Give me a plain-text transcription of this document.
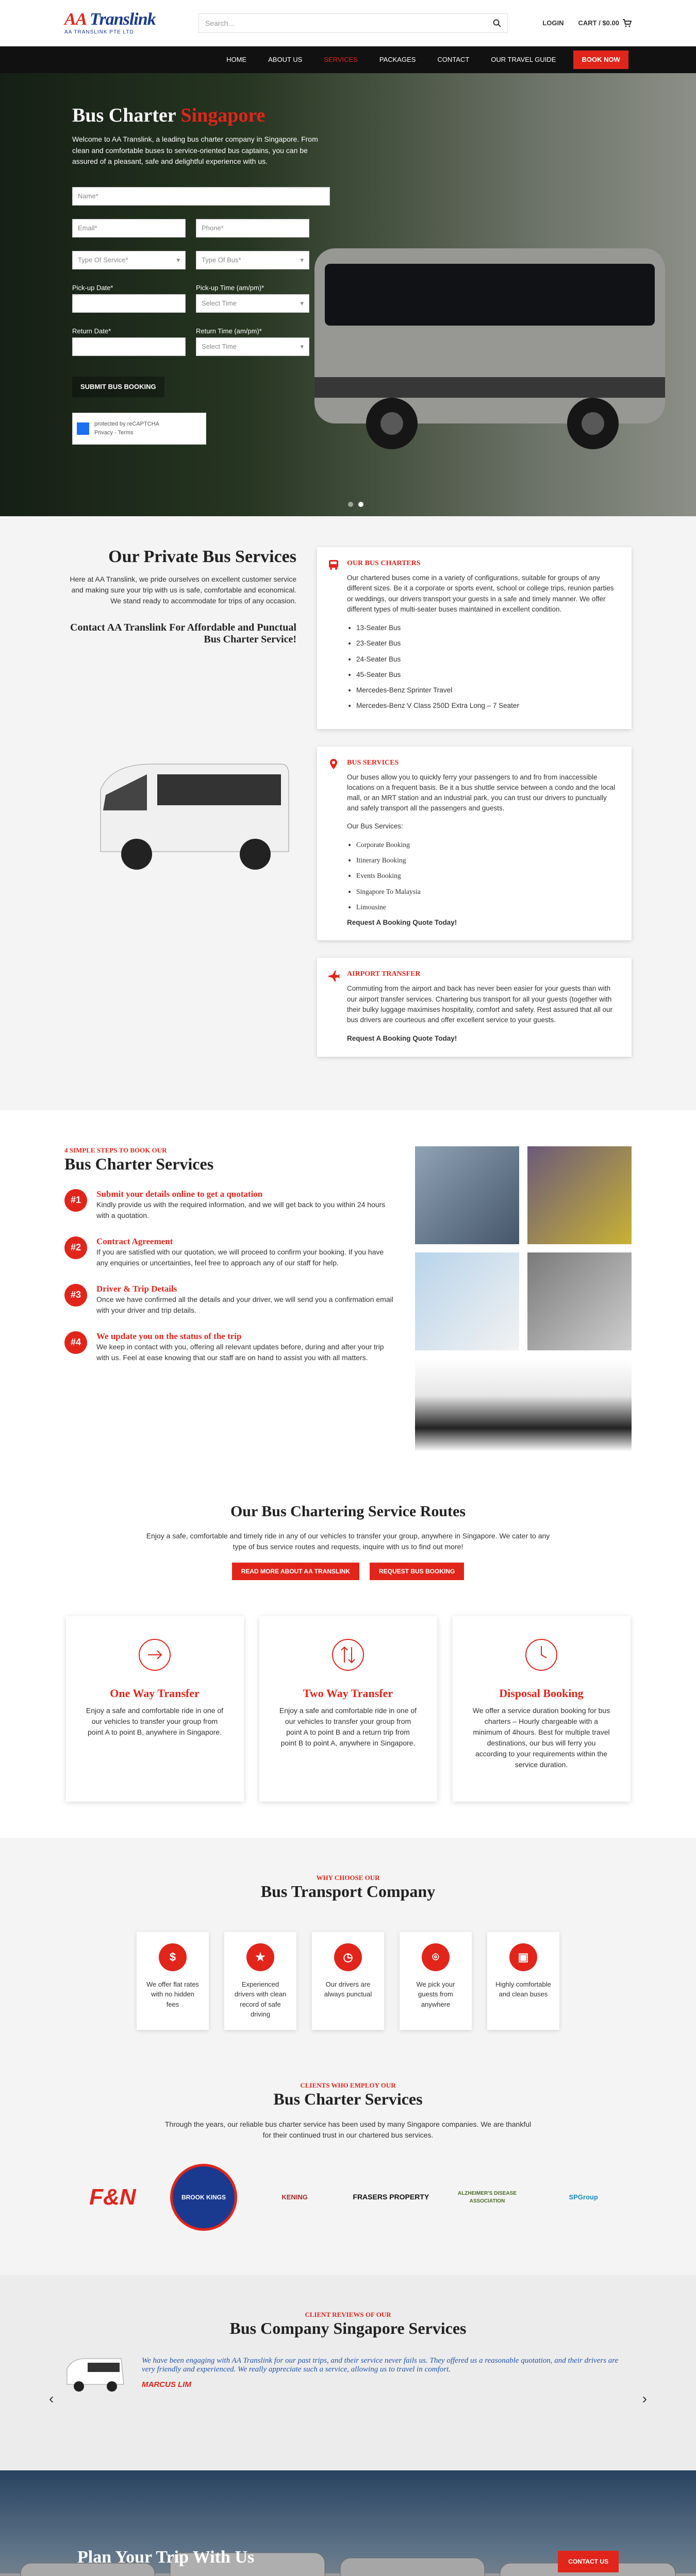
AA Translink
AA TRANSLINK PTE LTD
Search...	LOGIN CART / $0.00
HOME	ABOUT US	SERVICES	PACKAGES	CONTACT	OUR TRAVEL GUIDE	BOOK NOW
Bus Charter Singapore

Welcome to AA Translink, a leading bus charter company in Singapore. From clean and comfortable buses to service-oriented bus captains, you can be assured of a pleasant, safe and delightful experience with us.

Name*
Email*	Phone*
Type Of Service*	▾	Type Of Bus*	▾
Pick-up Date*	Pick-up Time (am/pm)*
Select Time	▾
Return Date*	Return Time (am/pm)*
Select Time	▾
SUBMIT BUS BOOKING
protected by reCAPTCHA
Privacy - Terms
Our Private Bus Services

Here at AA Translink, we pride ourselves on excellent customer service and making sure your trip with us is safe, comfortable and economical. We stand ready to accommodate for trips of any occasion.

Contact AA Translink For Affordable and Punctual Bus Charter Service!
OUR BUS CHARTERS

Our chartered buses come in a variety of configurations, suitable for groups of any different sizes. Be it a corporate or sports event, school or college trips, reunion parties or weddings, our drivers transport your guests in a safe and timely manner. We offer different types of multi-seater buses maintained in excellent condition.

• 13-Seater Bus
• 23-Seater Bus
• 24-Seater Bus
• 45-Seater Bus
• Mercedes-Benz Sprinter Travel
• Mercedes-Benz V Class 250D Extra Long – 7 Seater
BUS SERVICES

Our buses allow you to quickly ferry your passengers to and fro from inaccessible locations on a frequent basis. Be it a bus shuttle service between a condo and the local mall, or an MRT station and an industrial park, you can trust our drivers to punctually and safely transport all the passengers and guests.

Our Bus Services:

• Corporate Booking
• Itinerary Booking
• Events Booking
• Singapore To Malaysia
• Limousine

Request A Booking Quote Today!

AIRPORT TRANSFER

Commuting from the airport and back has never been easier for your guests than with our airport transfer services. Chartering bus transport for all your guests (together with their bulky luggage maximises hospitality, comfort and safety. Rest assured that all our bus drivers are courteous and offer excellent service to your guests.

Request A Booking Quote Today!

4 SIMPLE STEPS TO BOOK OUR
Bus Charter Services
#1
Submit your details online to get a quotation

Kindly provide us with the required information, and we will get back to you within 24 hours with a quotation.

#2
Contract Agreement

If you are satisfied with our quotation, we will proceed to confirm your booking. If you have any enquiries or uncertainties, feel free to approach any of our staff for help.

#3
Driver & Trip Details

Once we have confirmed all the details and your driver, we will send you a confirmation email with your driver and trip details.

#4
We update you on the status of the trip

We keep in contact with you, offering all relevant updates before, during and after your trip with us. Feel at ease knowing that our staff are on hand to assist you with all matters.

Our Bus Chartering Service Routes

Enjoy a safe, comfortable and timely ride in any of our vehicles to transfer your group, anywhere in Singapore. We cater to any type of bus service routes and requests, inquire with us to find out more!

READ MORE ABOUT AA TRANSLINK	REQUEST BUS BOOKING
One Way Transfer

Enjoy a safe and comfortable ride in one of our vehicles to transfer your group from point A to point B, anywhere in Singapore.

Two Way Transfer

Enjoy a safe and comfortable ride in one of our vehicles to transfer your group from point A to point B and a return trip from point B to point A, anywhere in Singapore.

Disposal Booking

We offer a service duration booking for bus charters – Hourly chargeable with a minimum of 4hours. Best for multiple travel destinations, our bus will ferry you according to your requirements within the service duration.

WHY CHOOSE OUR
Bus Transport Company
$

We offer flat rates with no hidden fees

★

Experienced drivers with clean record of safe driving

◷

Our drivers are always punctual

⌾

We pick your guests from anywhere

▣

Highly comfortable and clean buses

CLIENTS WHO EMPLOY OUR
Bus Charter Services

Through the years, our reliable bus charter service has been used by many Singapore companies. We are thankful for their continued trust in our chartered bus services.

F&N	BROOK KINGS	KENING	FRASERS PROPERTY	ALZHEIMER'S DISEASE ASSOCIATION
SPGroup
CLIENT REVIEWS OF OUR
Bus Company Singapore Services

We have been engaging with AA Translink for our past trips, and their service never fails us. They offered us a reasonable quotation, and their drivers are very friendly and experienced. We really appreciate such a service, allowing us to travel in comfort.

MARCUS LIM
‹	›
Plan Your Trip With Us	CONTACT US
